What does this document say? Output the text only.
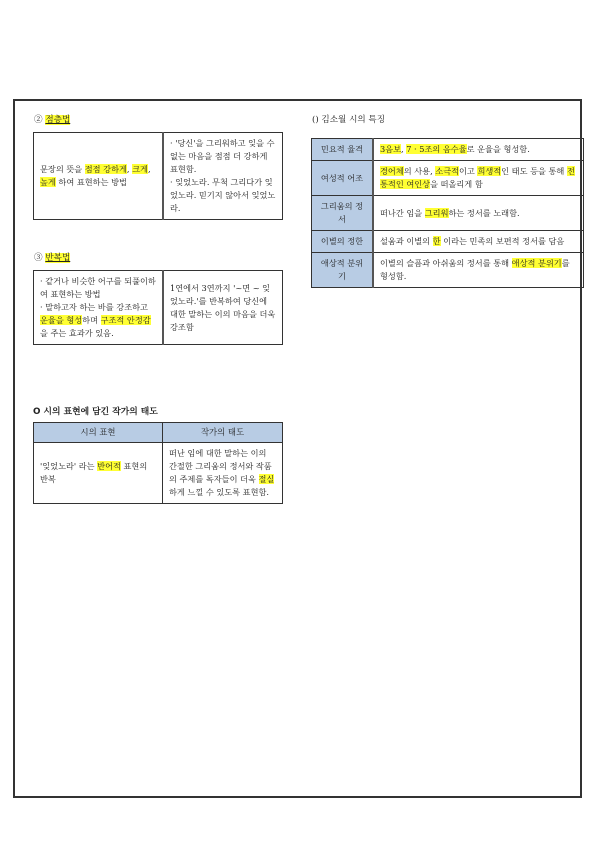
② 점층법
문장의 뜻을 점점 강하게, 크게, 높게 하여 표현하는 방법	· '당신'을 그리워하고 잊을 수 없는 마음을 점점 더 강하게 표현함.
· 잊었노라. 무척 그리다가 잊었노라. 믿기지 않아서 잊었노라.
③ 반복법
· 같거나 비슷한 어구를 되풀이하여 표현하는 방법
· 말하고자 하는 바를 강조하고 운율을 형성하며 구조적 안정감을 주는 효과가 있음.	1연에서 3연까지 '~면 ~ 잊었노라.'를 반복하여 당신에 대한 말하는 이의 마음을 더욱 강조함
O 시의 표현에 담긴 작가의 태도
시의 표현	작가의 태도
'잊었노라' 라는 반어적 표현의 반복	떠난 임에 대한 말하는 이의 간절한 그리움의 정서와 작품의 주제를 독자들이 더욱 절실하게 느낄 수 있도록 표현함.
() 김소월 시의 특징
민요적 율격	3음보, 7 · 5조의 음수율로 운율을 형성함.
여성적 어조	경어체의 사용, 소극적이고 희생적인 태도 등을 통해 전통적인 여인상을 떠올리게 함
그리움의 정서	떠나간 임을 그리워하는 정서를 노래함.
이별의 정한	설움과 이별의 한 이라는 민족의 보편적 정서를 담음
애상적 분위기	이별의 슬픔과 아쉬움의 정서를 통해 애상적 분위기를 형성함.
